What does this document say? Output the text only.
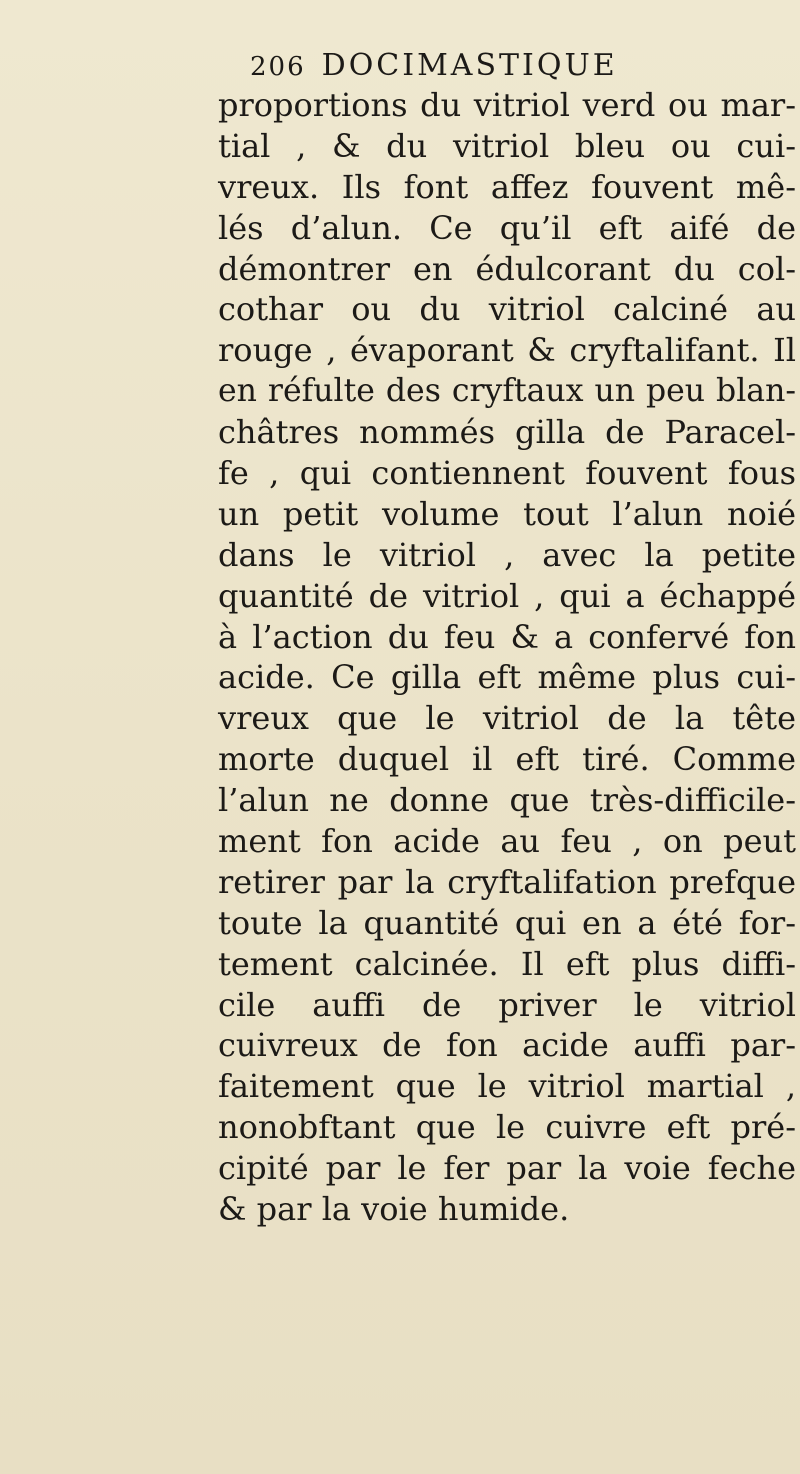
206 DOCIMASTIQUE
proportions du vitriol verd ou mar-
tial , & du vitriol bleu ou cui-
vreux. Ils font affez fouvent mê-
lés d’alun. Ce qu’il eft aifé de
démontrer en édulcorant du col-
cothar ou du vitriol calciné au
rouge , évaporant & cryftalifant. Il
en réfulte des cryftaux un peu blan-
châtres nommés gilla de Paracel-
fe , qui contiennent fouvent fous
un petit volume tout l’alun noié
dans le vitriol , avec la petite
quantité de vitriol , qui a échappé
à l’action du feu & a confervé fon
acide. Ce gilla eft même plus cui-
vreux que le vitriol de la tête
morte duquel il eft tiré. Comme
l’alun ne donne que très-difficile-
ment fon acide au feu , on peut
retirer par la cryftalifation prefque
toute la quantité qui en a été for-
tement calcinée. Il eft plus diffi-
cile auffi de priver le vitriol
cuivreux de fon acide auffi par-
faitement que le vitriol martial ,
nonobftant que le cuivre eft pré-
cipité par le fer par la voie feche
& par la voie humide.
